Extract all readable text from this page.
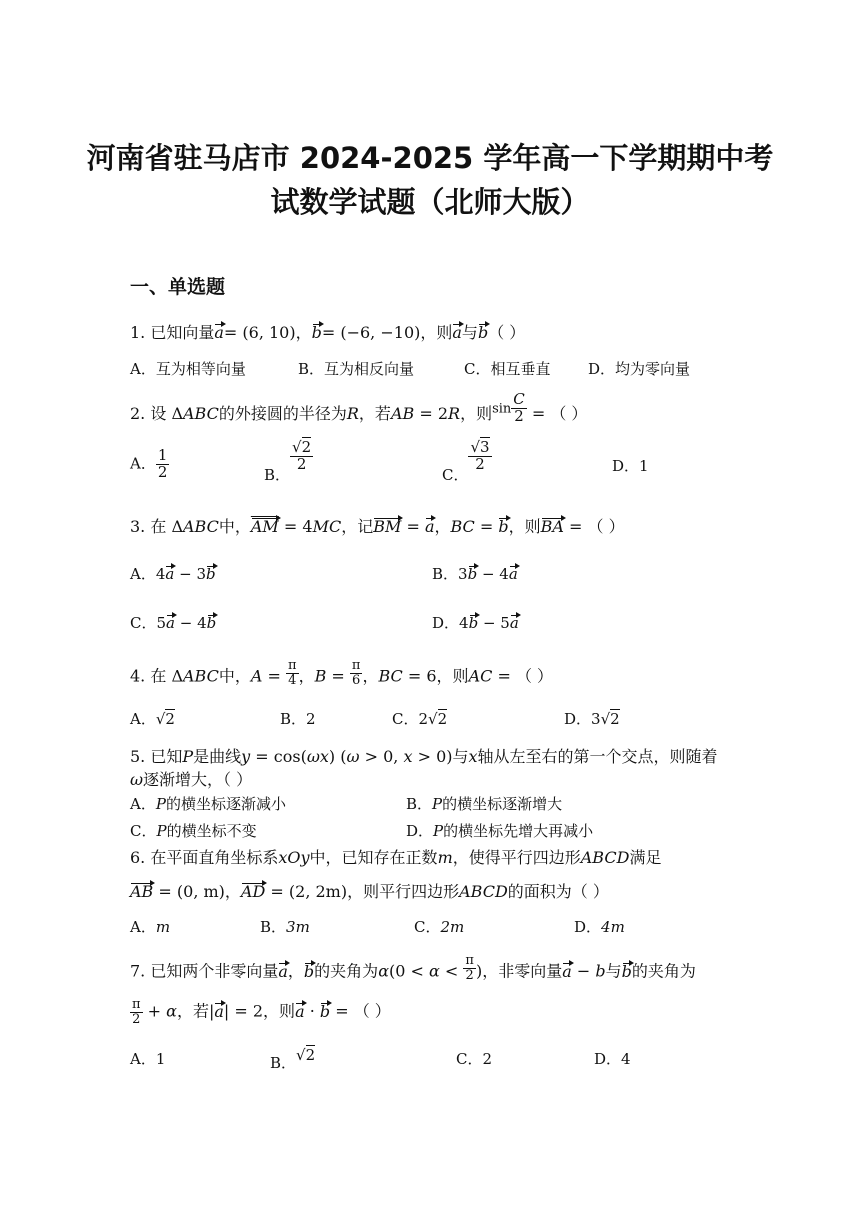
河南省驻马店市 2024-2025 学年高一下学期期中考
试数学试题（北师大版）
一、单选题
1. 已知向量a= (6, 10)，b= (−6, −10)，则a与b（ ）
A．互为相等向量	B．互为相反向量	C．相互垂直	D．均为零向量
2. 设 ΔABC的外接圆的半径为R，若AB = 2R，则$^{sin} \frac{C}{2}$ = （ ）
A． $\frac{1}{2}$	B．
$\frac{√2}{2}$
C．
$\frac{√3}{2}$	D．1
3. 在 ΔABC中，$\overline{AM} = 4MC$，记BM = a，BC = b，则BA = （ ）
A．4a − 3b	B．3b − 4a
C．5a − 4b	D．4b − 5a
4. 在 ΔABC中，$A = \frac{\pi}{4}$ ，$B = \frac{\pi}{6}$ ，BC = 6，则AC = （ ）
A．√2	B．2	C．2√2	D．3√2
5. 已知P是曲线y = cos(ωx) (ω > 0, x > 0)与x轴从左至右的第一个交点，则随着
ω逐渐增大，（ ）
A．P的横坐标逐渐减小	B．P的横坐标逐渐增大
C．P的横坐标不变	D．P的横坐标先增大再减小
6. 在平面直角坐标系xOy中，已知存在正数m，使得平行四边形ABCD满足
AB = (0, m)，AD = (2, 2m)，则平行四边形ABCD的面积为（ ）
A．m	B．3m	C．2m	D．4m
7. 已知两个非零向量a，b的夹角为$\alpha(0 < \alpha < \frac{\pi}{2}$ )，非零向量a − b与b的夹角为
$\frac{\pi}{2} + \alpha$，若|a| = 2，则a · b = （ ）
A．1	B．√2	C．2	D．4
